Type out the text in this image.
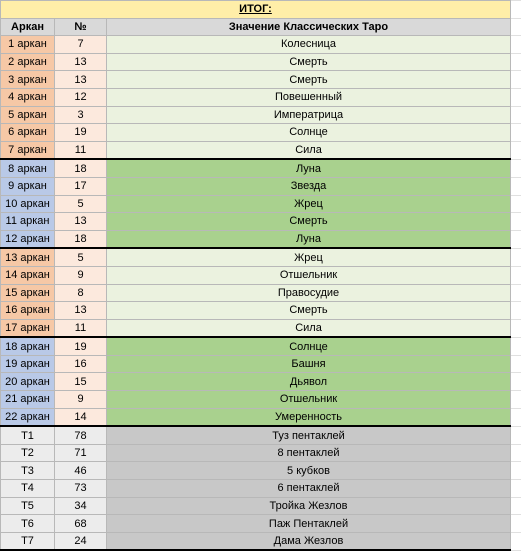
ИТОГ:			
Аркан	№	Значение Классических Таро	
1 аркан	7	Колесница	
2 аркан	13	Смерть	
3 аркан	13	Смерть	
4 аркан	12	Повешенный	
5 аркан	3	Императрица	
6 аркан	19	Солнце	
7 аркан	11	Сила	
8 аркан	18	Луна	
9 аркан	17	Звезда	
10 аркан	5	Жрец	
11 аркан	13	Смерть	
12 аркан	18	Луна	
13 аркан	5	Жрец	
14 аркан	9	Отшельник	
15 аркан	8	Правосудие	
16 аркан	13	Смерть	
17 аркан	11	Сила	
18 аркан	19	Солнце	
19 аркан	16	Башня	
20 аркан	15	Дьявол	
21 аркан	9	Отшельник	
22 аркан	14	Умеренность	
T1	78	Туз пентаклей	
T2	71	8 пентаклей	
T3	46	5 кубков	
T4	73	6 пентаклей	
T5	34	Тройка Жезлов	
T6	68	Паж Пентаклей	
T7	24	Дама Жезлов	
